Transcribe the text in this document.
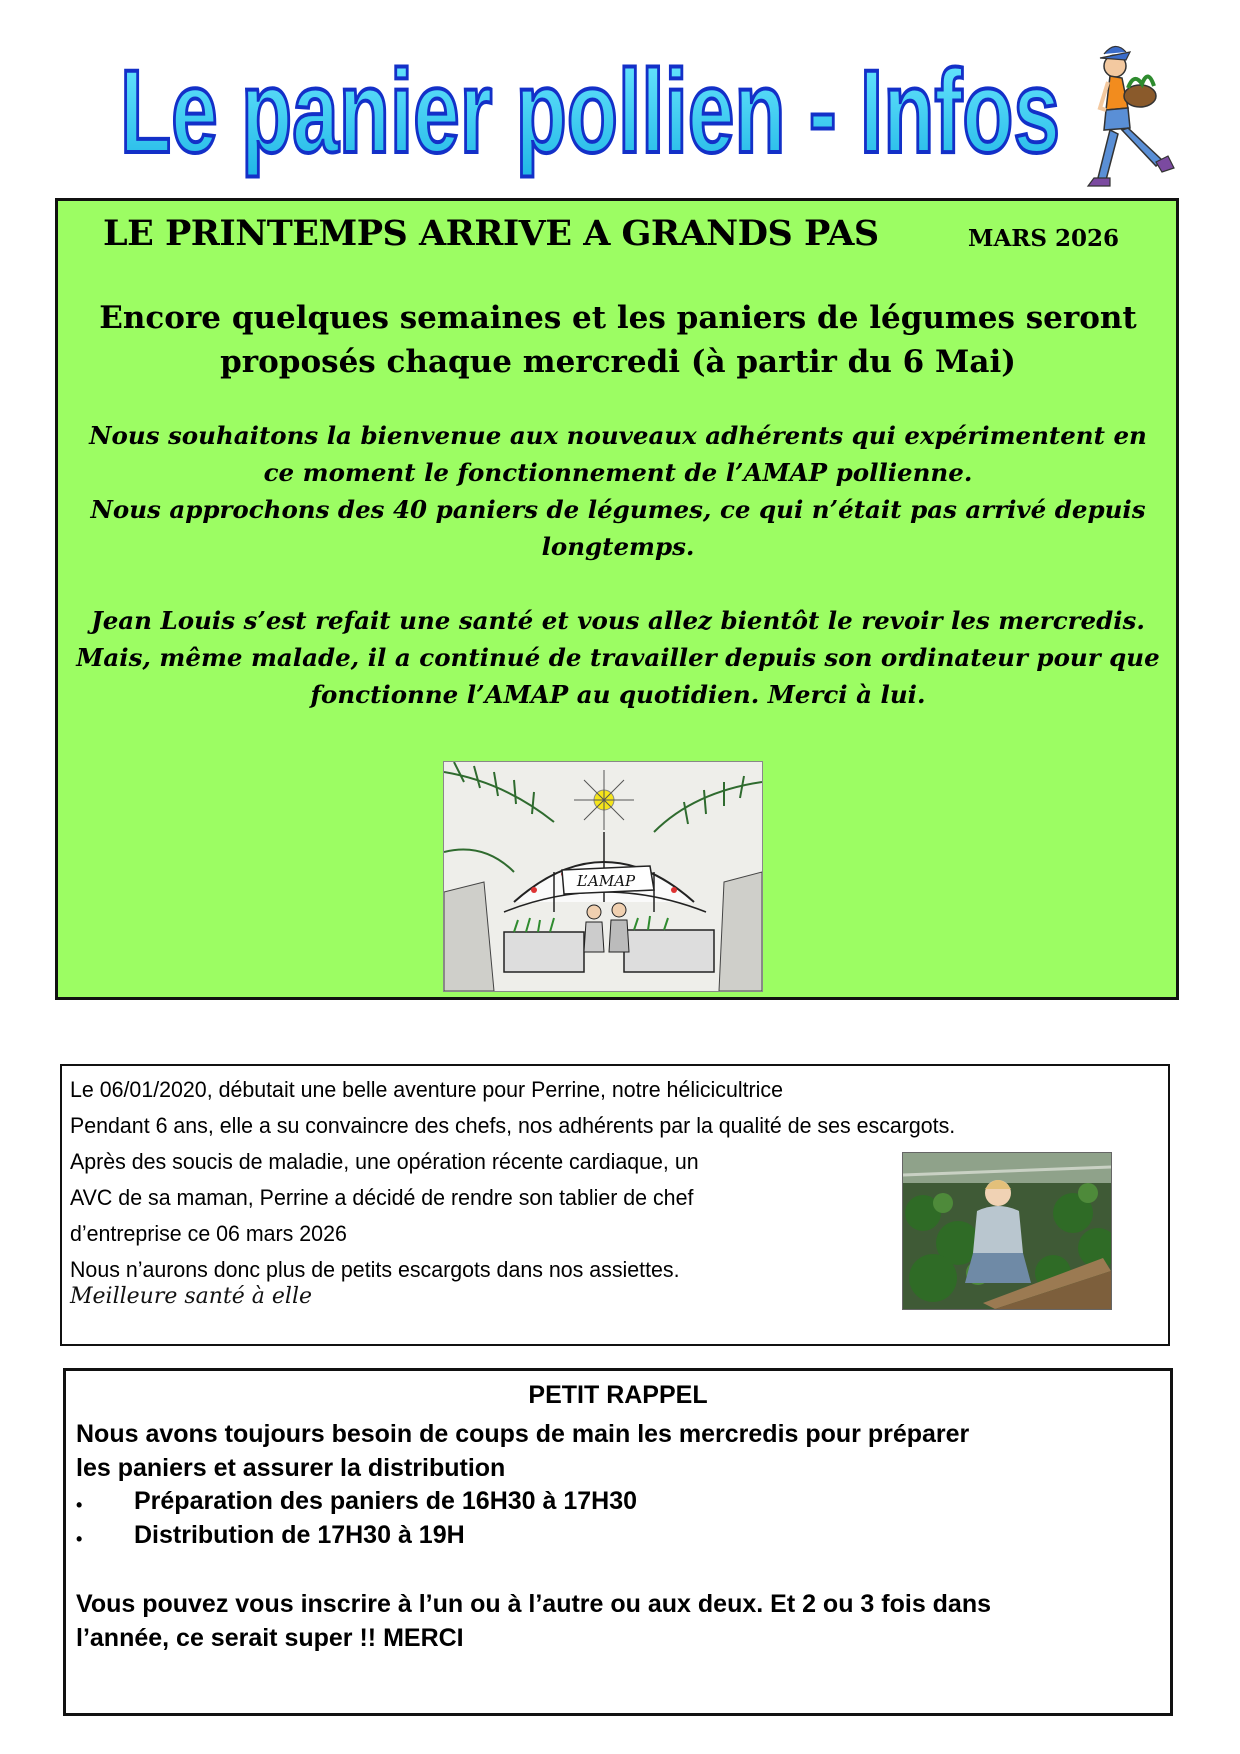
Le panier pollien - Infos
LE PRINTEMPS ARRIVE A GRANDS PAS	MARS 2026

Encore quelques semaines et les paniers de légumes seront
proposés chaque mercredi (à partir du 6 Mai)
Nous souhaitons la bienvenue aux nouveaux adhérents qui expérimentent en
ce moment le fonctionnement de l’AMAP pollienne.
Nous approchons des 40 paniers de légumes, ce qui n’était pas arrivé depuis
longtemps.
Jean Louis s’est refait une santé et vous allez bientôt le revoir les mercredis.
Mais, même malade, il a continué de travailler depuis son ordinateur pour que
fonctionne l’AMAP au quotidien. Merci à lui.
L’AMAP

Le 06/01/2020, débutait une belle aventure pour Perrine, notre hélicicultrice

Pendant 6 ans, elle a su convaincre des chefs, nos adhérents par la qualité de ses escargots.

Après des soucis de maladie, une opération récente cardiaque, un

AVC de sa maman, Perrine a décidé de rendre son tablier de chef

d’entreprise ce 06 mars 2026

Nous n’aurons donc plus de petits escargots dans nos assiettes.

Meilleure santé à elle

PETIT RAPPEL

Nous avons toujours besoin de coups de main les mercredis pour préparer

les paniers et assurer la distribution

• Préparation des paniers de 16H30 à 17H30

• Distribution de 17H30 à 19H

Vous pouvez vous inscrire à l’un ou à l’autre ou aux deux. Et 2 ou 3 fois dans

l’année, ce serait super !! MERCI
